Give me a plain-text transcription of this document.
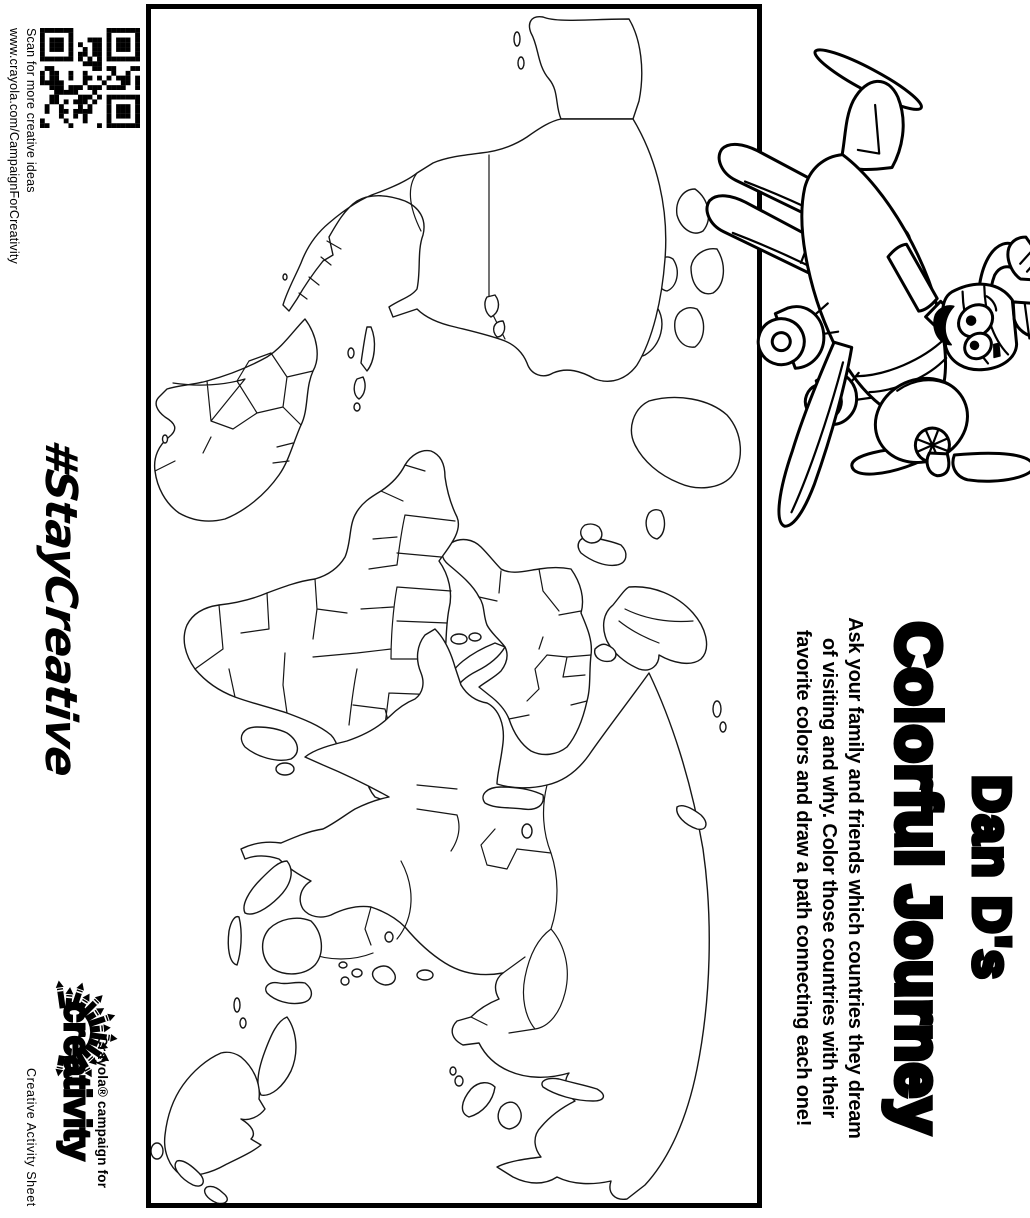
Dan D's
Colorful Journey
Ask your family and friends which countries they dream
of visiting and why. Color those countries with their
favorite colors and draw a path connecting each one!
Scan for more creative ideas
www.crayola.com/CampaignForCreativity
#StayCreative
Crayola® campaign for
creativity
Creative Activity Sheet
